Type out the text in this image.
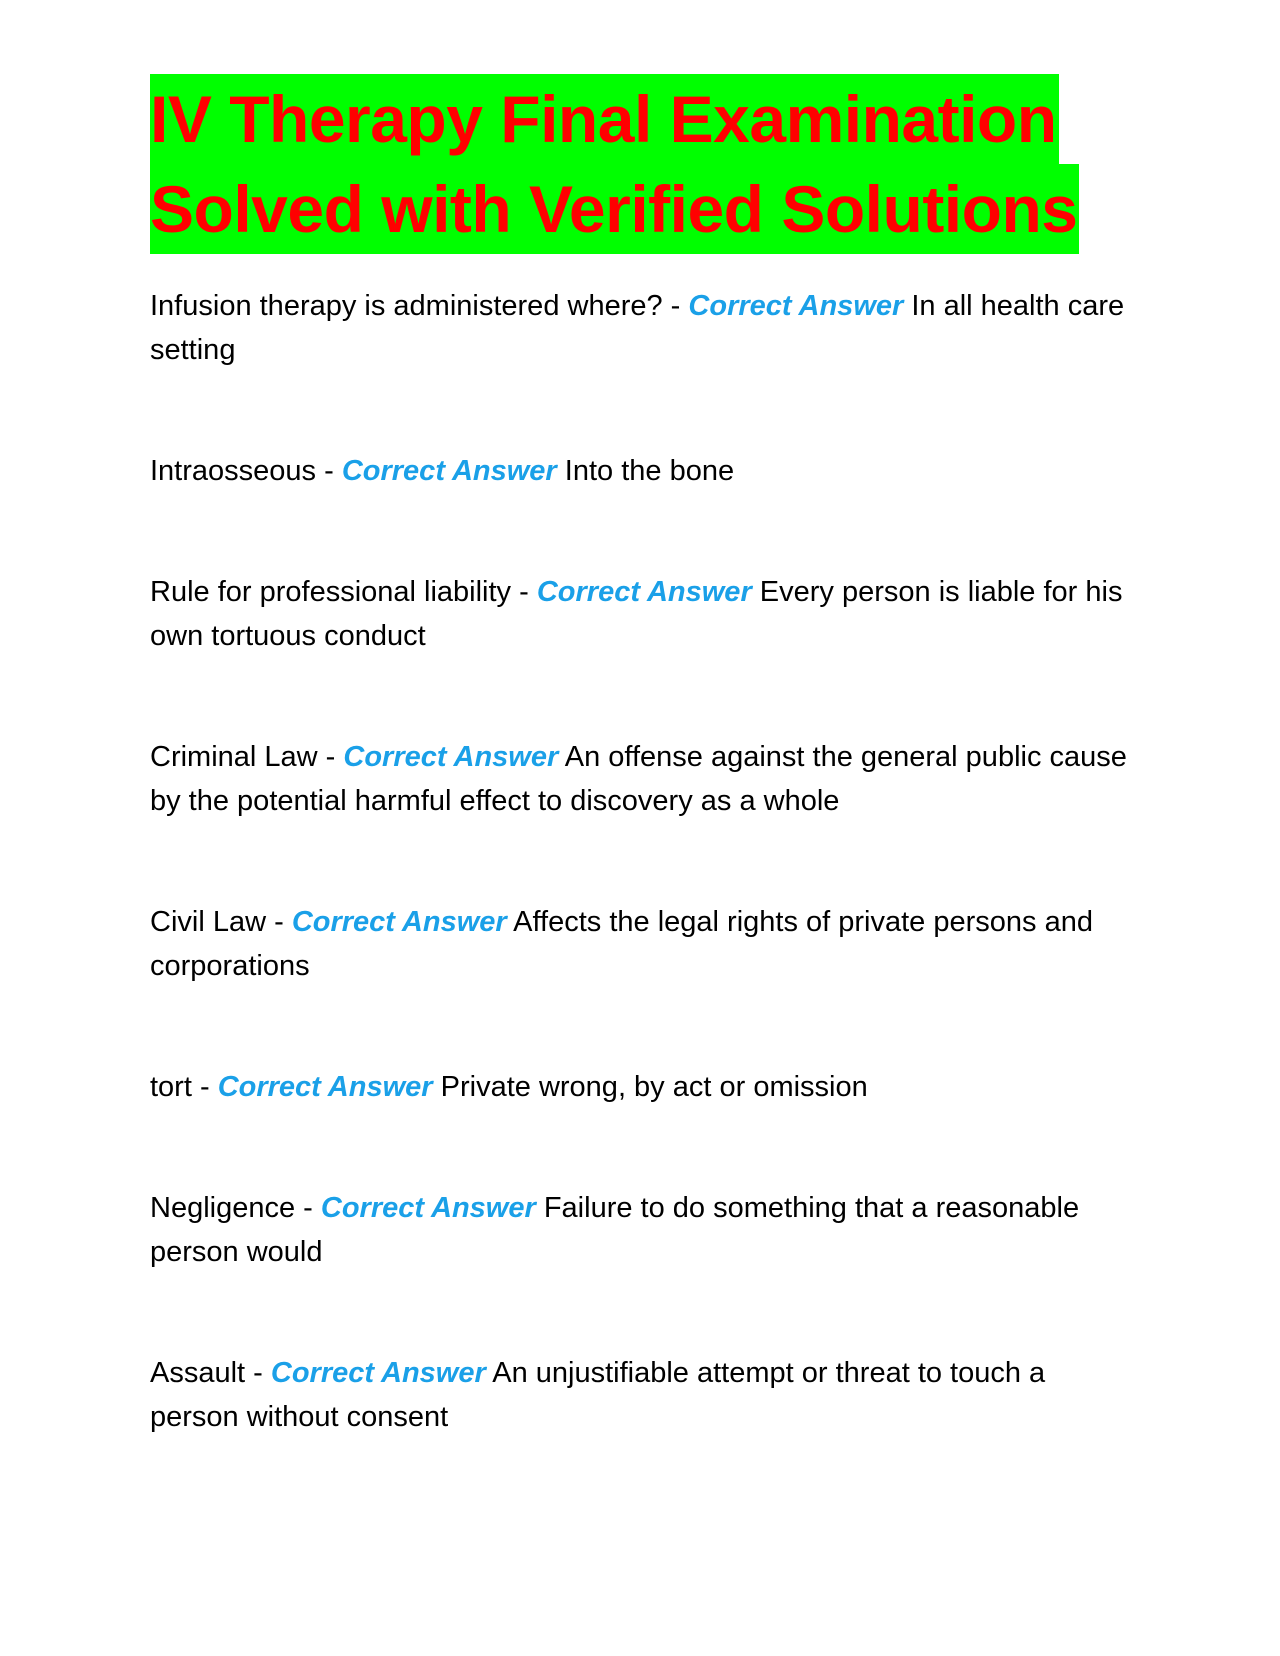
IV Therapy Final Examination
Solved with Verified Solutions

Infusion therapy is administered where? - Correct Answer In all health care setting

Intraosseous - Correct Answer Into the bone

Rule for professional liability - Correct Answer Every person is liable for his own tortuous conduct

Criminal Law - Correct Answer An offense against the general public cause by the potential harmful effect to discovery as a whole

Civil Law - Correct Answer Affects the legal rights of private persons and corporations

tort - Correct Answer Private wrong, by act or omission

Negligence - Correct Answer Failure to do something that a reasonable person would

Assault - Correct Answer An unjustifiable attempt or threat to touch a person without consent
